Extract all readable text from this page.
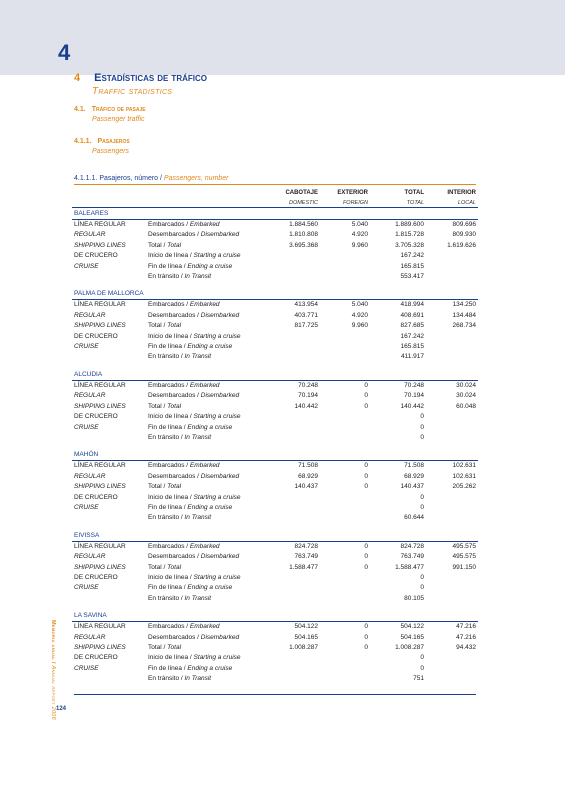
4
4 Estadísticas de tráfico
Traffic stadistics
4.1. Tráfico de pasaje
Passenger traffic
4.1.1. Pasajeros
Passengers
4.1.1.1. Pasajeros, número / Passengers, number
		CABOTAJE	EXTERIOR	TOTAL	INTERIOR
		DOMESTIC	FOREIGN	TOTAL	LOCAL
BALEARES					
LÍNEA REGULAR	Embarcados / Embarked	1.884.560	5.040	1.889.600	809.696
REGULAR	Desembarcados / Disembarked	1.810.808	4.920	1.815.728	809.930
SHIPPING LINES	Total / Total	3.695.368	9.960	3.705.328	1.619.626
DE CRUCERO	Inicio de línea / Starting a cruise			167.242	
CRUISE	Fin de línea / Ending a cruise			165.815	
	En tránsito / In Transit			553.417	

PALMA DE MALLORCA					
LÍNEA REGULAR	Embarcados / Embarked	413.954	5.040	418.994	134.250
REGULAR	Desembarcados / Disembarked	403.771	4.920	408.691	134.484
SHIPPING LINES	Total / Total	817.725	9.960	827.685	268.734
DE CRUCERO	Inicio de línea / Starting a cruise			167.242	
CRUISE	Fin de línea / Ending a cruise			165.815	
	En tránsito / In Transit			411.917	

ALCUDIA					
LÍNEA REGULAR	Embarcados / Embarked	70.248	0	70.248	30.024
REGULAR	Desembarcados / Disembarked	70.194	0	70.194	30.024
SHIPPING LINES	Total / Total	140.442	0	140.442	60.048
DE CRUCERO	Inicio de línea / Starting a cruise			0	
CRUISE	Fin de línea / Ending a cruise			0	
	En tránsito / In Transit			0	

MAHÓN					
LÍNEA REGULAR	Embarcados / Embarked	71.508	0	71.508	102.631
REGULAR	Desembarcados / Disembarked	68.929	0	68.929	102.631
SHIPPING LINES	Total / Total	140.437	0	140.437	205.262
DE CRUCERO	Inicio de línea / Starting a cruise			0	
CRUISE	Fin de línea / Ending a cruise			0	
	En tránsito / In Transit			60.644	

EIVISSA					
LÍNEA REGULAR	Embarcados / Embarked	824.728	0	824.728	495.575
REGULAR	Desembarcados / Disembarked	763.749	0	763.749	495.575
SHIPPING LINES	Total / Total	1.588.477	0	1.588.477	991.150
DE CRUCERO	Inicio de línea / Starting a cruise			0	
CRUISE	Fin de línea / Ending a cruise			0	
	En tránsito / In Transit			80.105	

LA SAVINA					
LÍNEA REGULAR	Embarcados / Embarked	504.122	0	504.122	47.216
REGULAR	Desembarcados / Disembarked	504.165	0	504.165	47.216
SHIPPING LINES	Total / Total	1.008.287	0	1.008.287	94.432
DE CRUCERO	Inicio de línea / Starting a cruise			0	
CRUISE	Fin de línea / Ending a cruise			0	
	En tránsito / In Transit			751	
Memoria anual / Annual report 2006 124
